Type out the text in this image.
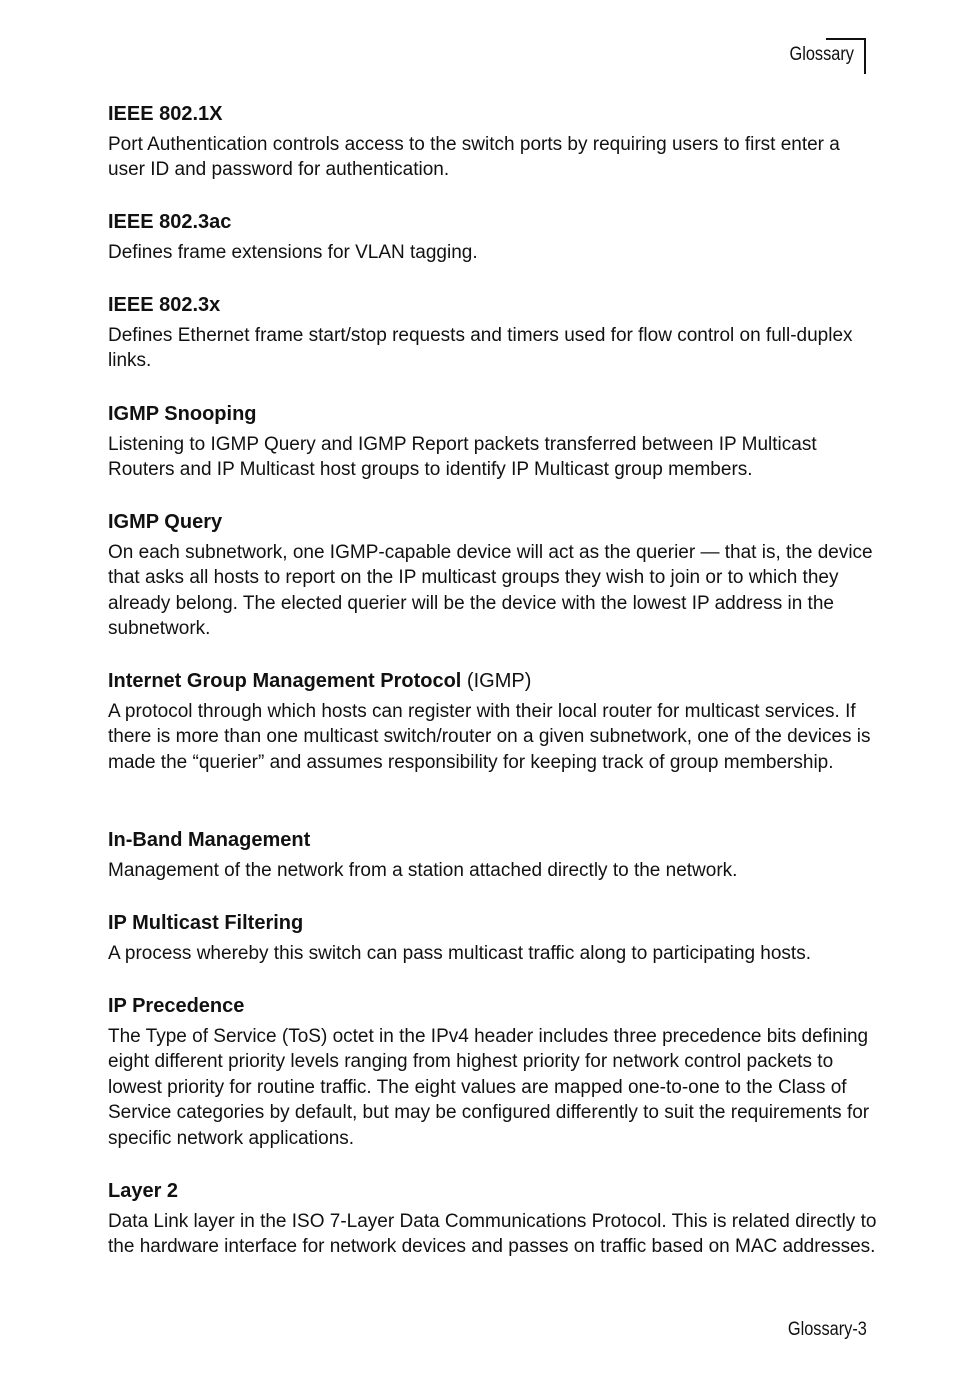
Glossary
IEEE 802.1X

Port Authentication controls access to the switch ports by requiring users to first enter a user ID and password for authentication.

IEEE 802.3ac

Defines frame extensions for VLAN tagging.

IEEE 802.3x

Defines Ethernet frame start/stop requests and timers used for flow control on full-duplex links.

IGMP Snooping

Listening to IGMP Query and IGMP Report packets transferred between IP Multicast Routers and IP Multicast host groups to identify IP Multicast group members.

IGMP Query

On each subnetwork, one IGMP-capable device will act as the querier — that is, the device that asks all hosts to report on the IP multicast groups they wish to join or to which they already belong. The elected querier will be the device with the lowest IP address in the subnetwork.

Internet Group Management Protocol (IGMP)

A protocol through which hosts can register with their local router for multicast services. If there is more than one multicast switch/router on a given subnetwork, one of the devices is made the “querier” and assumes responsibility for keeping track of group membership.

In-Band Management

Management of the network from a station attached directly to the network.

IP Multicast Filtering

A process whereby this switch can pass multicast traffic along to participating hosts.

IP Precedence

The Type of Service (ToS) octet in the IPv4 header includes three precedence bits defining eight different priority levels ranging from highest priority for network control packets to lowest priority for routine traffic. The eight values are mapped one-to-one to the Class of Service categories by default, but may be configured differently to suit the requirements for specific network applications.

Layer 2

Data Link layer in the ISO 7-Layer Data Communications Protocol. This is related directly to the hardware interface for network devices and passes on traffic based on MAC addresses.

Glossary-3
